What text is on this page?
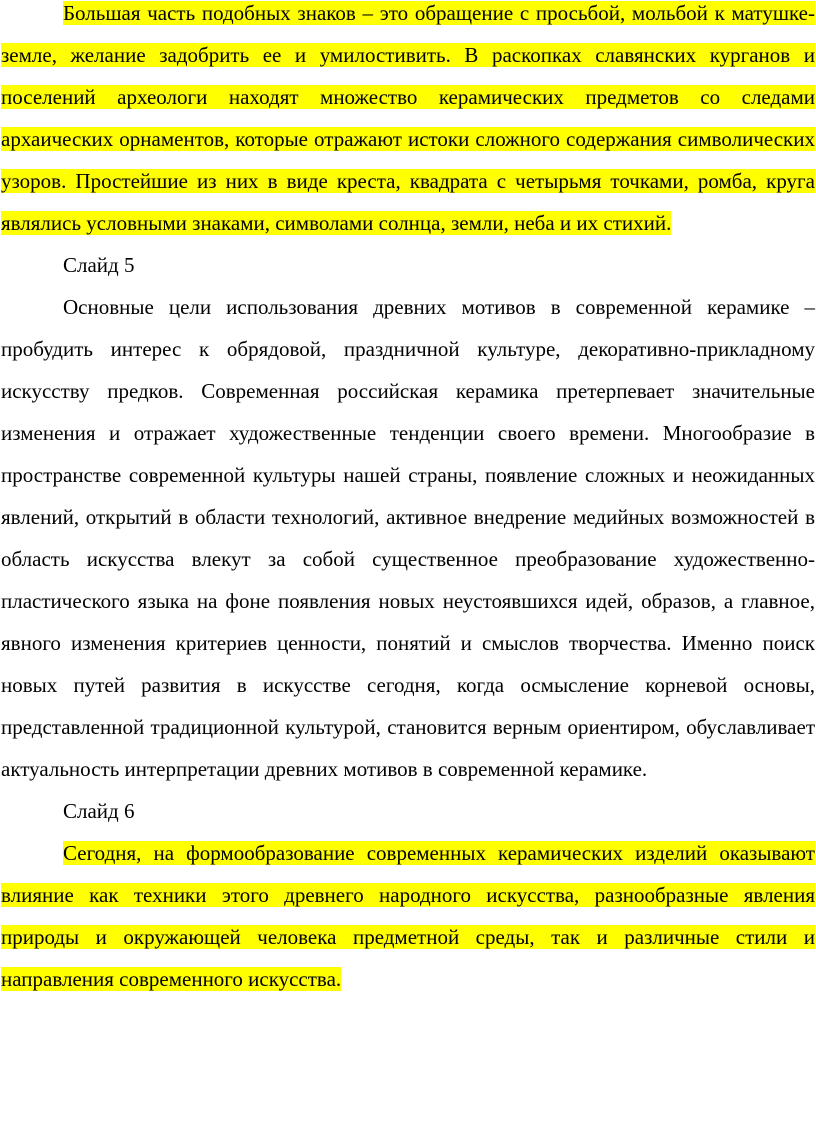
Большая часть подобных знаков – это обращение с просьбой, мольбой к матушке-земле, желание задобрить ее и умилостивить. В раскопках славянских курганов и поселений археологи находят множество керамических предметов со следами архаических орнаментов, которые отражают истоки сложного содержания символических узоров. Простейшие из них в виде креста, квадрата с четырьмя точками, ромба, круга являлись условными знаками, символами солнца, земли, неба и их стихий.

Слайд 5

Основные цели использования древних мотивов в современной керамике – пробудить интерес к обрядовой, праздничной культуре, декоративно-прикладному искусству предков. Современная российская керамика претерпевает значительные изменения и отражает художественные тенденции своего времени. Многообразие в пространстве современной культуры нашей страны, появление сложных и неожиданных явлений, открытий в области технологий, активное внедрение медийных возможностей в область искусства влекут за собой существенное преобразование художественно-пластического языка на фоне появления новых неустоявшихся идей, образов, а главное, явного изменения критериев ценности, понятий и смыслов творчества. Именно поиск новых путей развития в искусстве сегодня, когда осмысление корневой основы, представленной традиционной культурой, становится верным ориентиром, обуславливает актуальность интерпретации древних мотивов в современной керамике.

Слайд 6

Сегодня, на формообразование современных керамических изделий оказывают влияние как техники этого древнего народного искусства, разнообразные явления природы и окружающей человека предметной среды, так и различные стили и направления современного искусства.
